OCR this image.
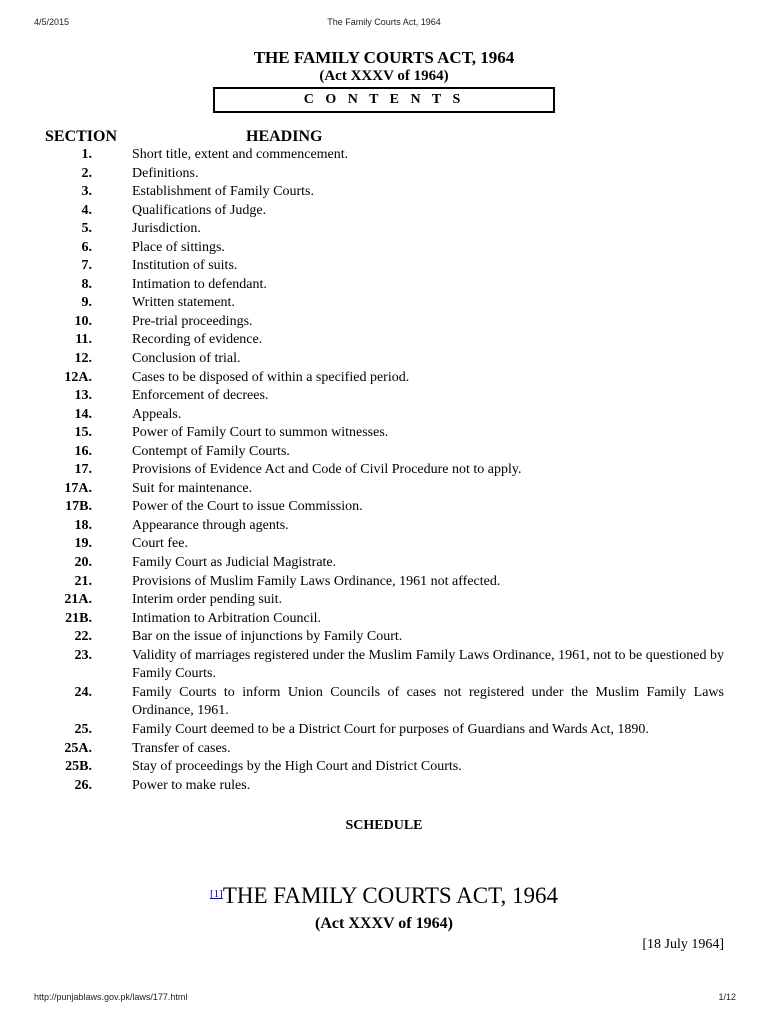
4/5/2015	The Family Courts Act, 1964
THE FAMILY COURTS ACT, 1964
(Act XXXV of 1964)
C O N T E N T S
SECTION	HEADING
1.	Short title, extent and commencement.
2.	Definitions.
3.	Establishment of Family Courts.
4.	Qualifications of Judge.
5.	Jurisdiction.
6.	Place of sittings.
7.	Institution of suits.
8.	Intimation to defendant.
9.	Written statement.
10.	Pre-trial proceedings.
11.	Recording of evidence.
12.	Conclusion of trial.
12A.	Cases to be disposed of within a specified period.
13.	Enforcement of decrees.
14.	Appeals.
15.	Power of Family Court to summon witnesses.
16.	Contempt of Family Courts.
17.	Provisions of Evidence Act and Code of Civil Procedure not to apply.
17A.	Suit for maintenance.
17B.	Power of the Court to issue Commission.
18.	Appearance through agents.
19.	Court fee.
20.	Family Court as Judicial Magistrate.
21.	Provisions of Muslim Family Laws Ordinance, 1961 not affected.
21A.	Interim order pending suit.
21B.	Intimation to Arbitration Council.
22.	Bar on the issue of injunctions by Family Court.
23.	Validity of marriages registered under the Muslim Family Laws Ordinance, 1961, not to be questioned by Family Courts.
24.	Family Courts to inform Union Councils of cases not registered under the Muslim Family Laws Ordinance, 1961.
25.	Family Court deemed to be a District Court for purposes of Guardians and Wards Act, 1890.
25A.	Transfer of cases.
25B.	Stay of proceedings by the High Court and District Courts.
26.	Power to make rules.
SCHEDULE
[1]THE FAMILY COURTS ACT, 1964
(Act XXXV of 1964)
[18 July 1964]
http://punjablaws.gov.pk/laws/177.html	1/12
